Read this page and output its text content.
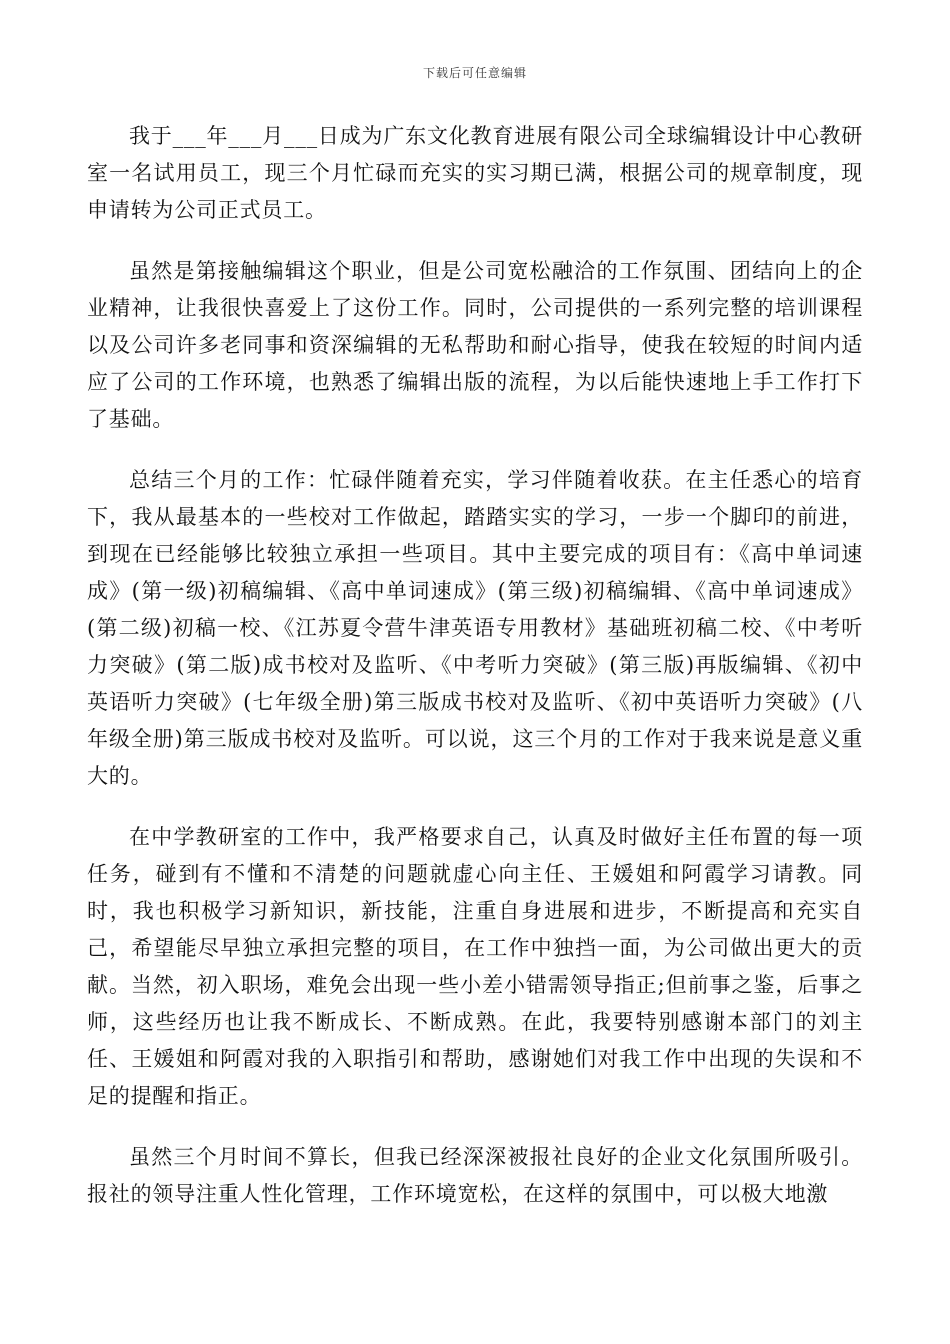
下载后可任意编辑

我于___年___月___日成为广东文化教育进展有限公司全球编辑设计中心教研室一名试用员工，现三个月忙碌而充实的实习期已满，根据公司的规章制度，现申请转为公司正式员工。

虽然是第接触编辑这个职业，但是公司宽松融洽的工作氛围、团结向上的企业精神，让我很快喜爱上了这份工作。同时，公司提供的一系列完整的培训课程以及公司许多老同事和资深编辑的无私帮助和耐心指导，使我在较短的时间内适应了公司的工作环境，也熟悉了编辑出版的流程，为以后能快速地上手工作打下了基础。

总结三个月的工作：忙碌伴随着充实，学习伴随着收获。在主任悉心的培育下，我从最基本的一些校对工作做起，踏踏实实的学习，一步一个脚印的前进，到现在已经能够比较独立承担一些项目。其中主要完成的项目有：《高中单词速成》(第一级)初稿编辑、《高中单词速成》(第三级)初稿编辑、《高中单词速成》(第二级)初稿一校、《江苏夏令营牛津英语专用教材》基础班初稿二校、《中考听力突破》(第二版)成书校对及监听、《中考听力突破》(第三版)再版编辑、《初中英语听力突破》(七年级全册)第三版成书校对及监听、《初中英语听力突破》(八年级全册)第三版成书校对及监听。可以说，这三个月的工作对于我来说是意义重大的。

在中学教研室的工作中，我严格要求自己，认真及时做好主任布置的每一项任务，碰到有不懂和不清楚的问题就虚心向主任、王媛姐和阿霞学习请教。同时，我也积极学习新知识，新技能，注重自身进展和进步，不断提高和充实自己，希望能尽早独立承担完整的项目，在工作中独挡一面，为公司做出更大的贡献。当然，初入职场，难免会出现一些小差小错需领导指正;但前事之鉴，后事之师，这些经历也让我不断成长、不断成熟。在此，我要特别感谢本部门的刘主任、王媛姐和阿霞对我的入职指引和帮助，感谢她们对我工作中出现的失误和不足的提醒和指正。

虽然三个月时间不算长，但我已经深深被报社良好的企业文化氛围所吸引。报社的领导注重人性化管理，工作环境宽松，在这样的氛围中，可以极大地激
